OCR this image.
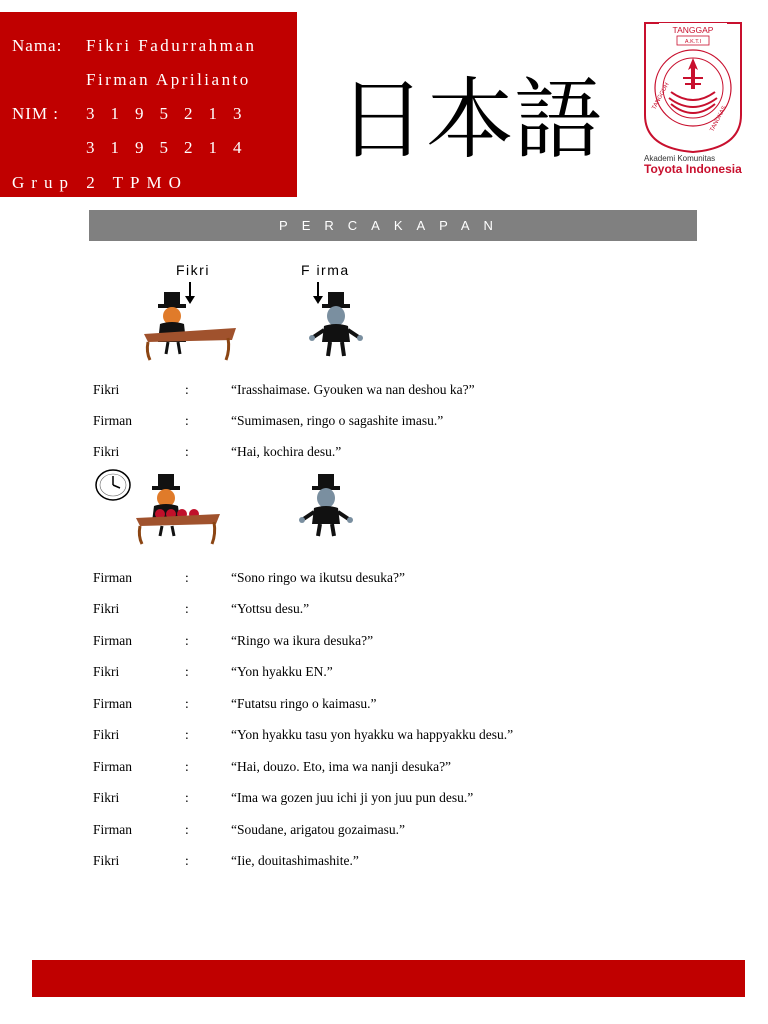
Nama: Fikri Fadurrahman
Firman Aprilianto
NIM : 3195213
3195214
Grup 2 TPMO
日本語
TANGGAP
A.K.T.I
TANGGUH
TANGKAS
Akademi Komunitas
Toyota Indonesia
PERCAKAPAN
Fikri	F irma
Fikri	:	“Irasshaimase. Gyouken wa nan deshou ka?”
Firman	:	“Sumimasen, ringo o sagashite imasu.”
Fikri	:	“Hai, kochira desu.”
Firman	:	“Sono ringo wa ikutsu desuka?”
Fikri	:	“Yottsu desu.”
Firman	:	“Ringo wa ikura desuka?”
Fikri	:	“Yon hyakku EN.”
Firman	:	“Futatsu ringo o kaimasu.”
Fikri	:	“Yon hyakku tasu yon hyakku wa happyakku desu.”
Firman	:	“Hai, douzo. Eto, ima wa nanji desuka?”
Fikri	:	“Ima wa gozen juu ichi ji yon juu pun desu.”
Firman	:	“Soudane, arigatou gozaimasu.”
Fikri	:	“Iie, douitashimashite.”
